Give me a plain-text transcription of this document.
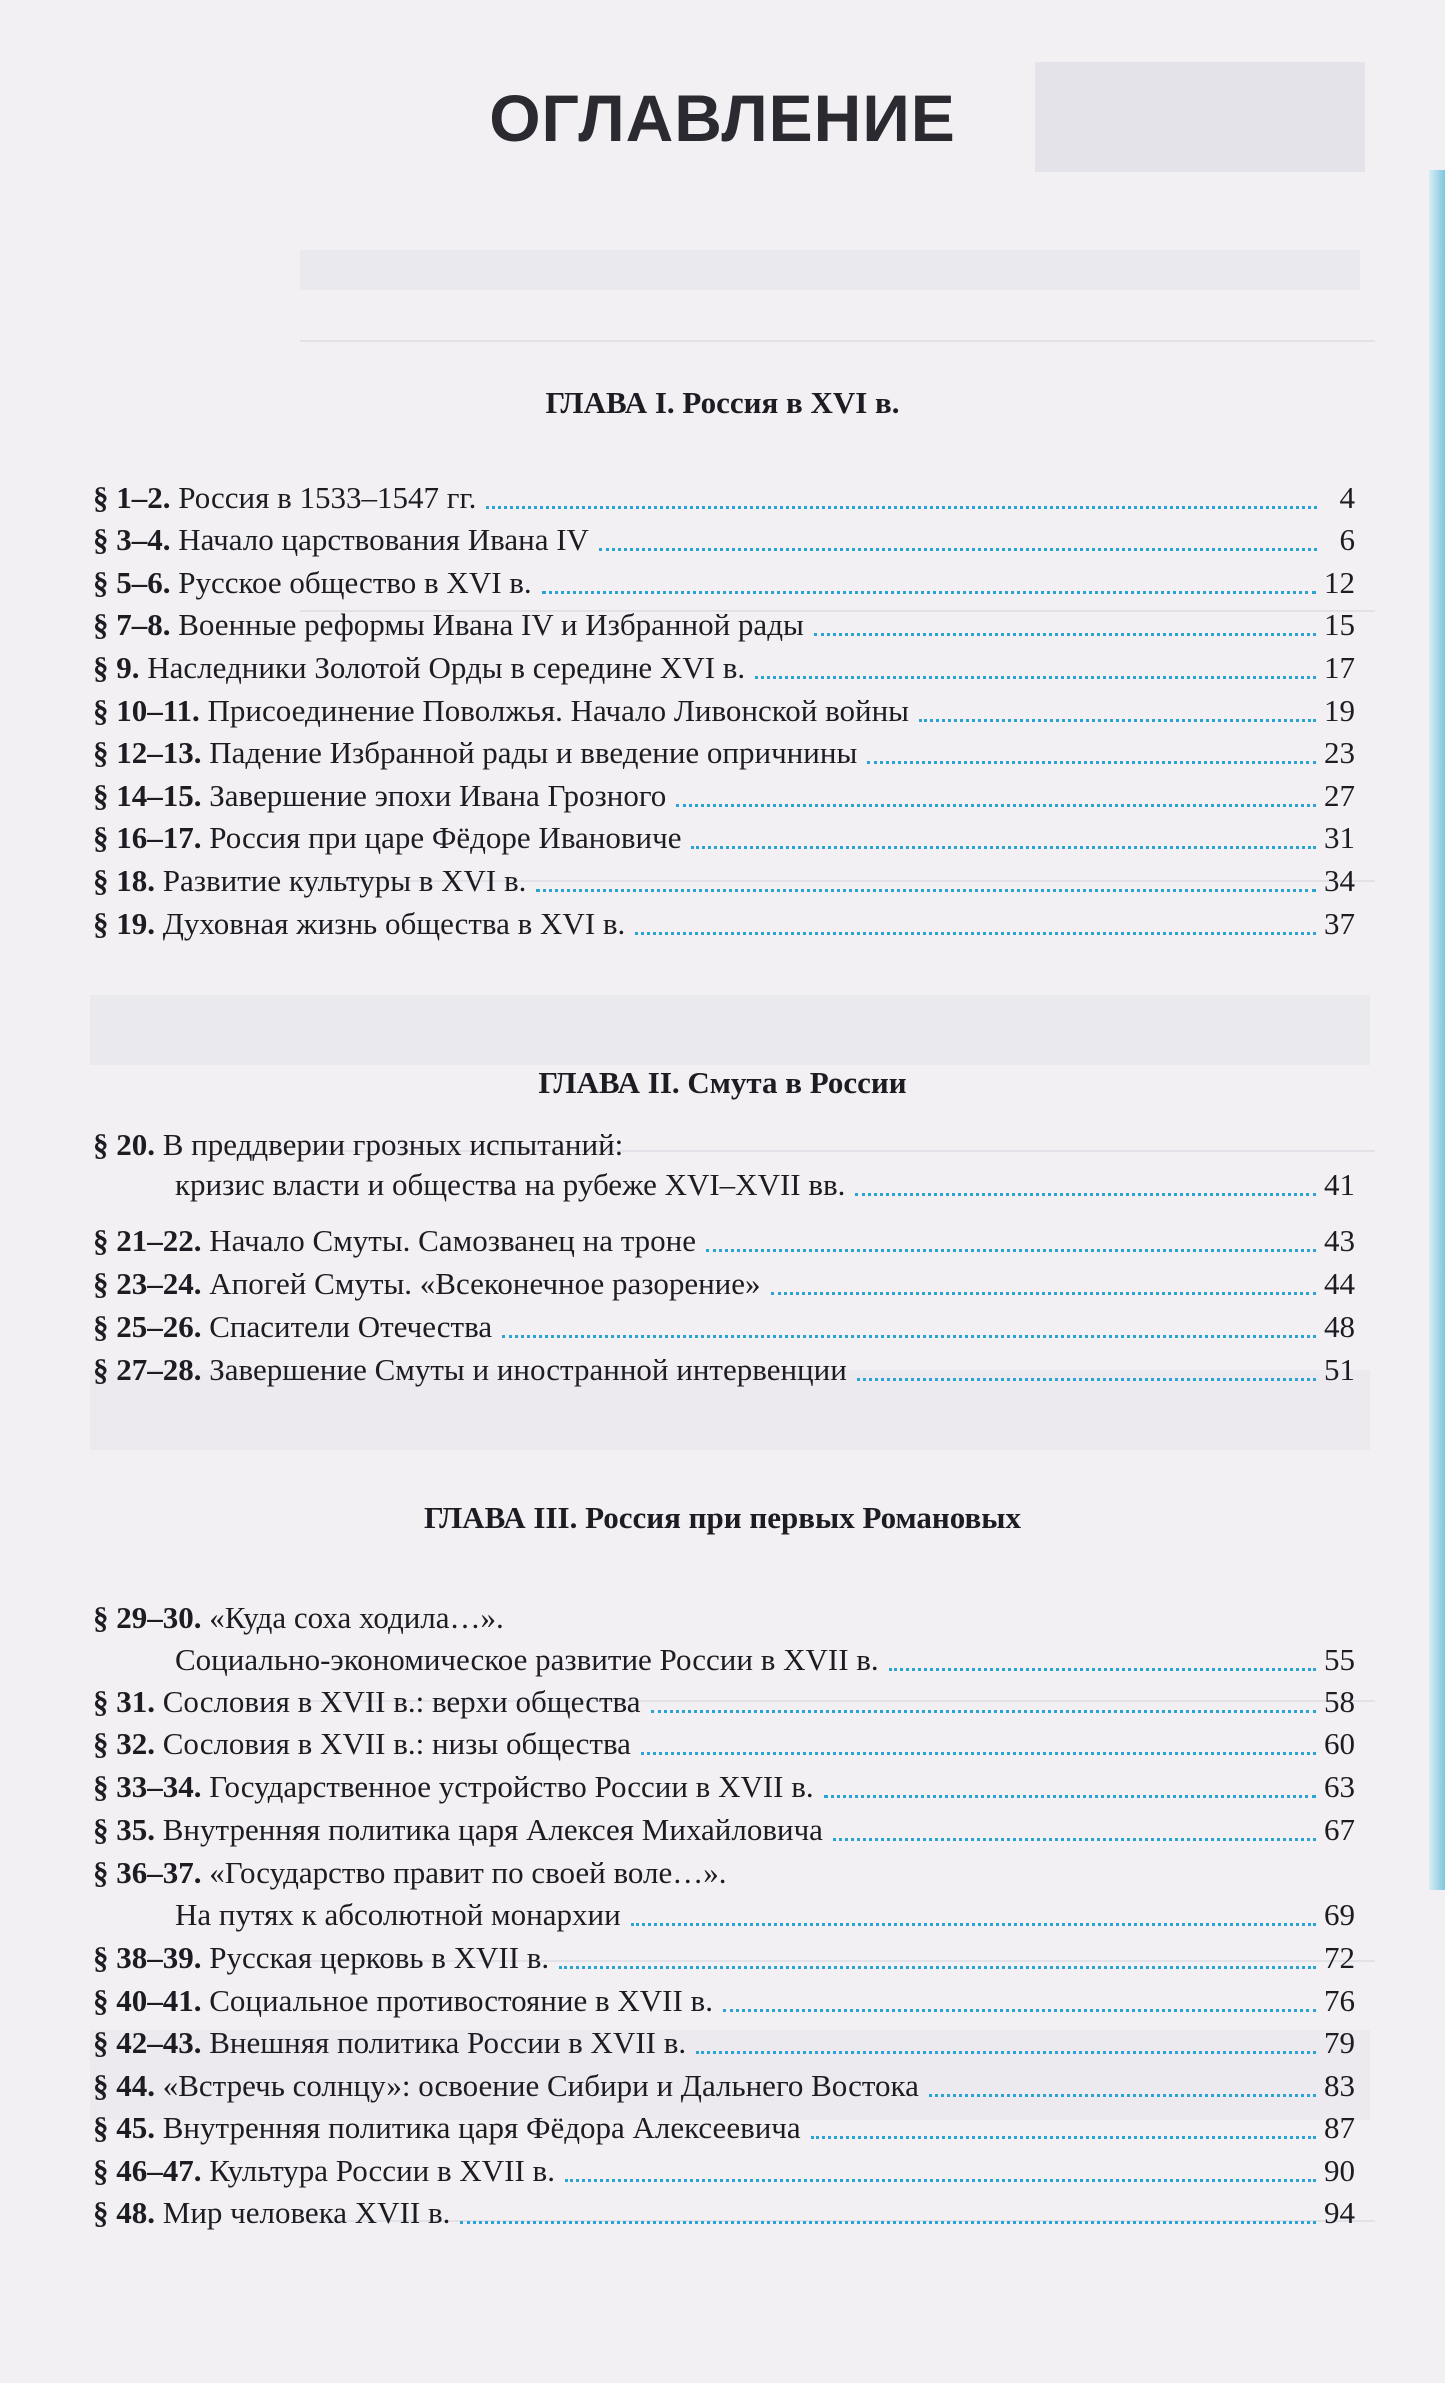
ОГЛАВЛЕНИЕ
ГЛАВА I. Россия в XVI в.
§ 1–2. Россия в 1533–1547 гг.	4
§ 3–4. Начало царствования Ивана IV	6
§ 5–6. Русское общество в XVI в.	12
§ 7–8. Военные реформы Ивана IV и Избранной рады	15
§ 9. Наследники Золотой Орды в середине XVI в.	17
§ 10–11. Присоединение Поволжья. Начало Ливонской войны	19
§ 12–13. Падение Избранной рады и введение опричнины	23
§ 14–15. Завершение эпохи Ивана Грозного	27
§ 16–17. Россия при царе Фёдоре Ивановиче	31
§ 18. Развитие культуры в XVI в.	34
§ 19. Духовная жизнь общества в XVI в.	37
ГЛАВА II. Смута в России
§ 20. В преддверии грозных испытаний:
кризис власти и общества на рубеже XVI–XVII вв.	41
§ 21–22. Начало Смуты. Самозванец на троне	43
§ 23–24. Апогей Смуты. «Всеконечное разорение»	44
§ 25–26. Спасители Отечества	48
§ 27–28. Завершение Смуты и иностранной интервенции	51
ГЛАВА III. Россия при первых Романовых
§ 29–30. «Куда соха ходила…».
Социально-экономическое развитие России в XVII в.	55
§ 31. Сословия в XVII в.: верхи общества	58
§ 32. Сословия в XVII в.: низы общества	60
§ 33–34. Государственное устройство России в XVII в.	63
§ 35. Внутренняя политика царя Алексея Михайловича	67
§ 36–37. «Государство правит по своей воле…».
На путях к абсолютной монархии	69
§ 38–39. Русская церковь в XVII в.	72
§ 40–41. Социальное противостояние в XVII в.	76
§ 42–43. Внешняя политика России в XVII в.	79
§ 44. «Встречь солнцу»: освоение Сибири и Дальнего Востока	83
§ 45. Внутренняя политика царя Фёдора Алексеевича	87
§ 46–47. Культура России в XVII в.	90
§ 48. Мир человека XVII в.	94
